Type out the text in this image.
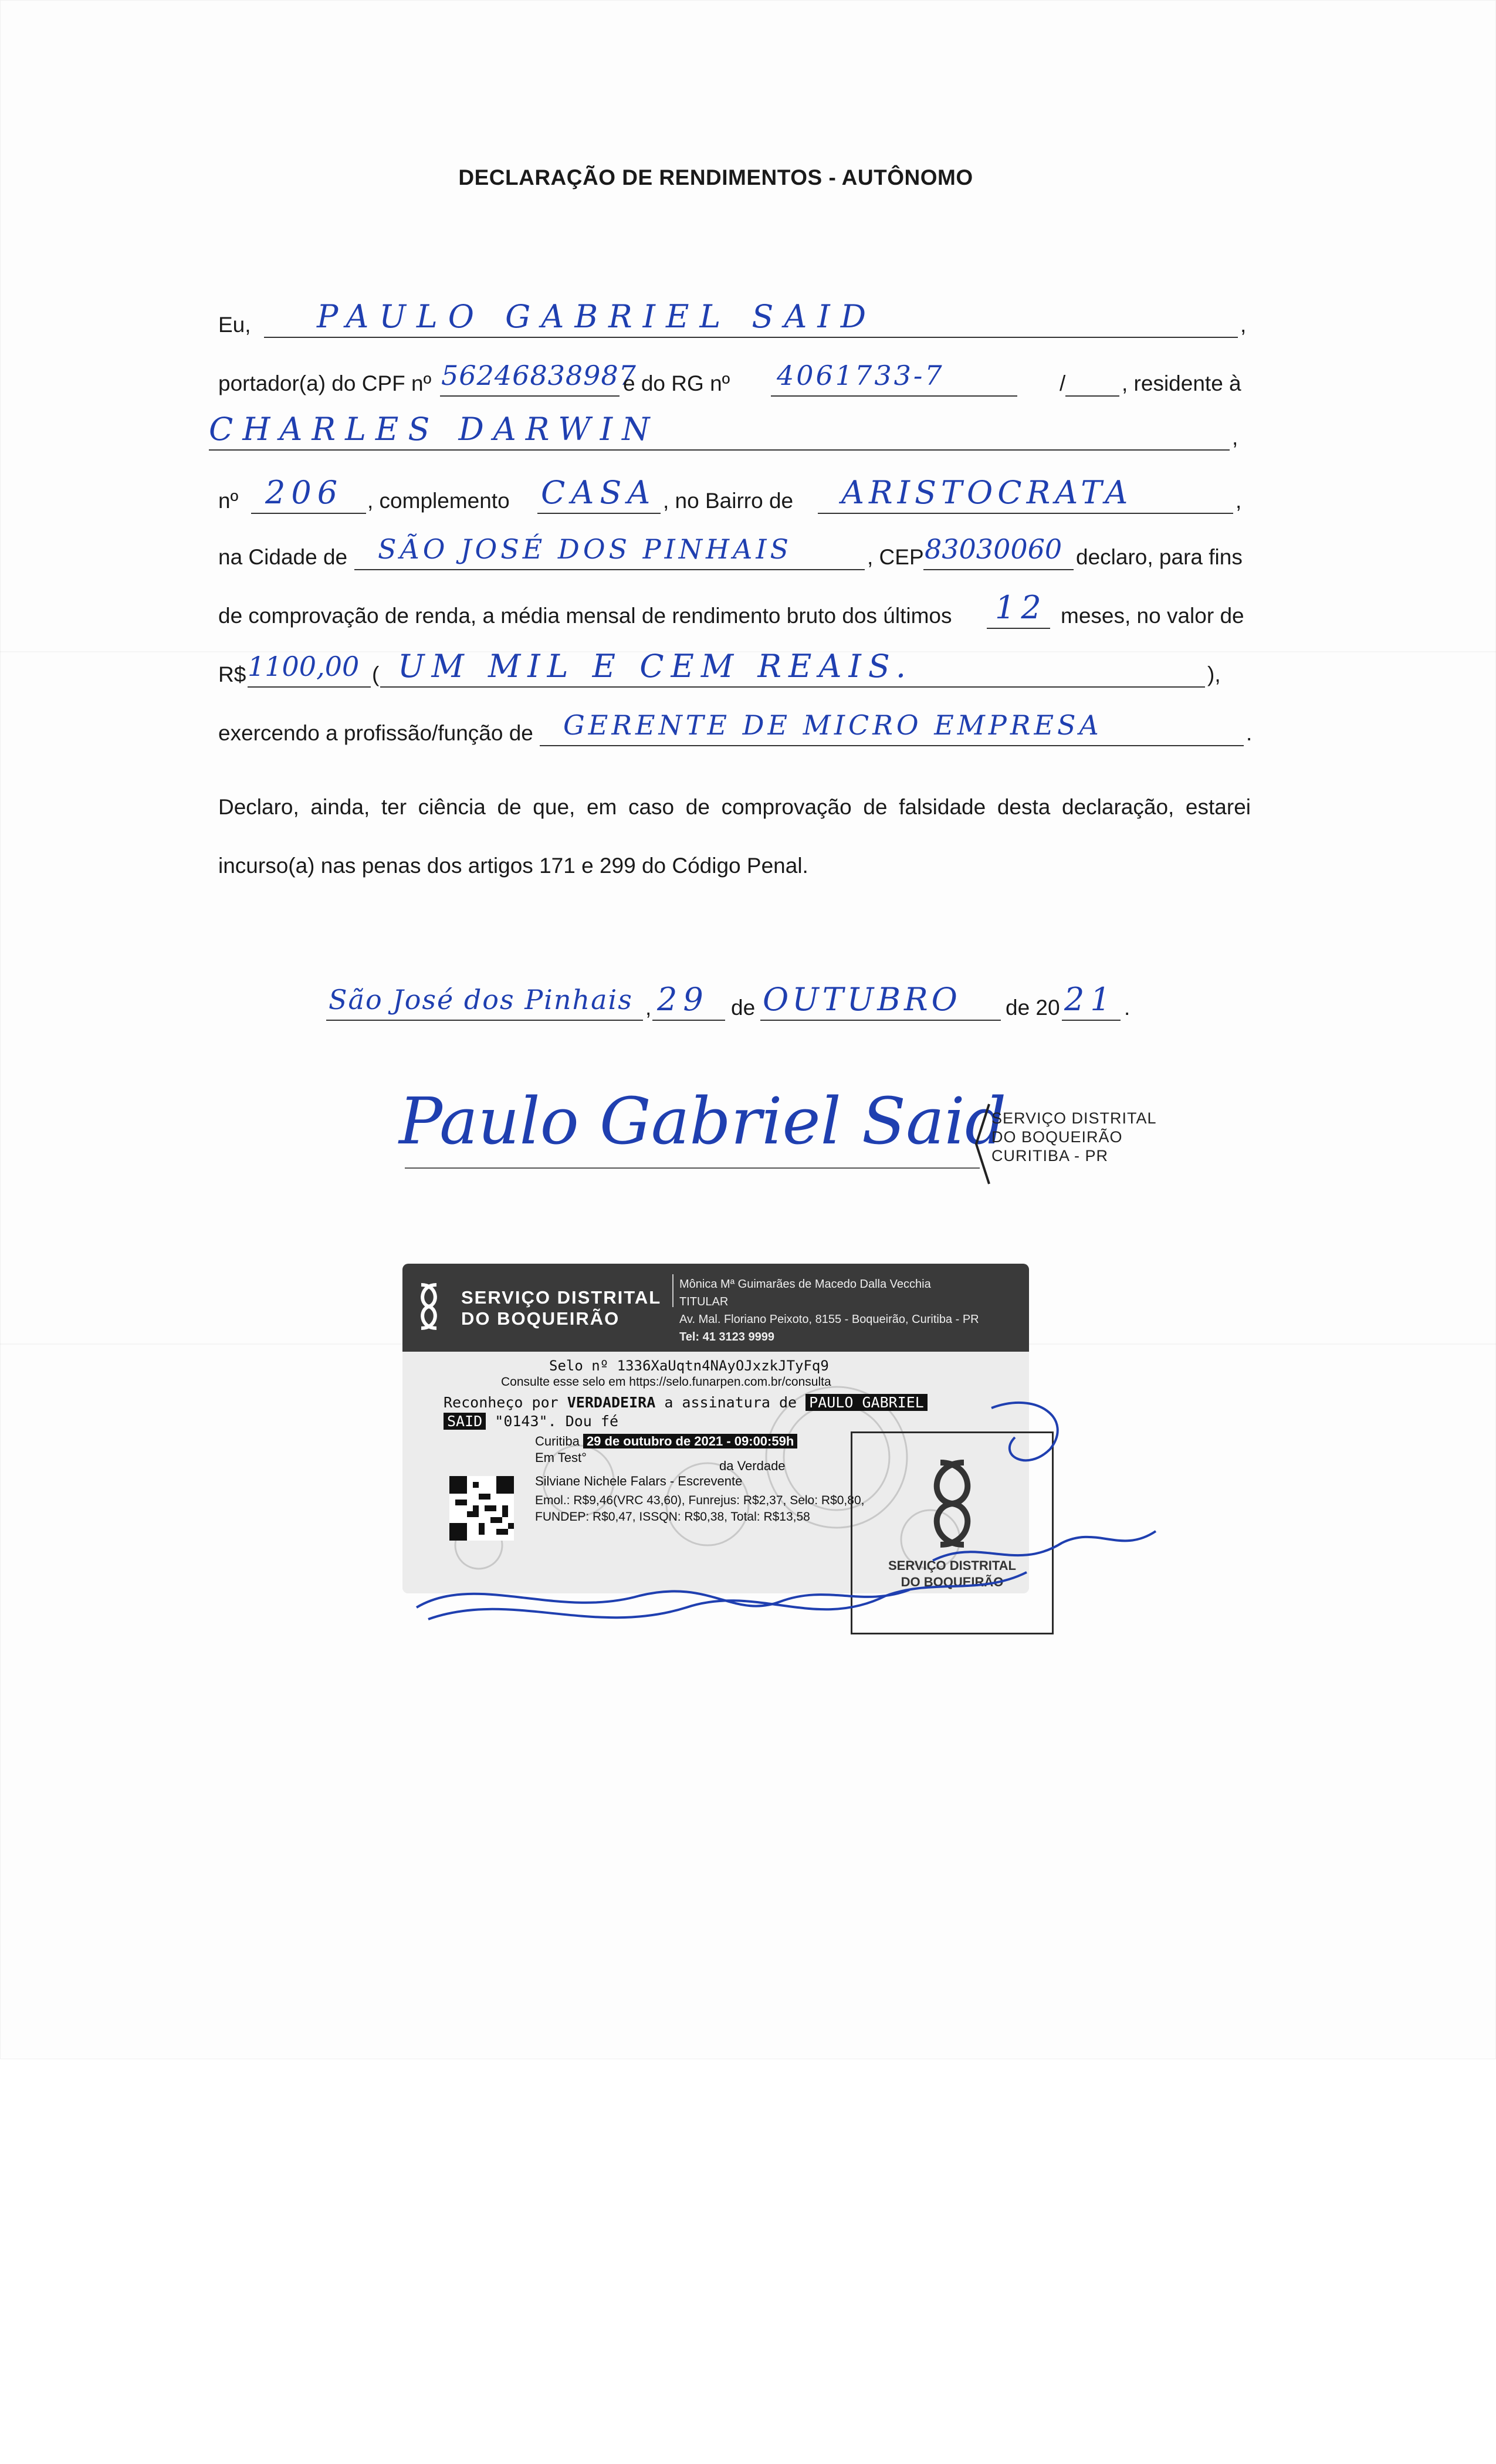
DECLARAÇÃO DE RENDIMENTOS - AUTÔNOMO
Eu, PAULO GABRIEL SAID	,
portador(a) do CPF nº 56246838987
e do RG nº 4061733-7	/	, residente à
CHARLES DARWIN	,
nº 206 , complemento CASA , no Bairro de ARISTOCRATA	,
na Cidade de SÃO JOSÉ DOS PINHAIS	, CEP 83030060 declaro, para fins
de comprovação de renda, a média mensal de rendimento bruto dos últimos 12 meses, no valor de
R$ 1100,00 ( UM MIL E CEM REAIS.	),
exercendo a profissão/função de GERENTE DE MICRO EMPRESA	.
Declaro, ainda, ter ciência de que, em caso de comprovação de falsidade desta declaração, estarei incurso(a) nas penas dos artigos 171 e 299 do Código Penal.
São José dos Pinhais , 29 de OUTUBRO de 20 21 .
Paulo Gabriel Said
SERVIÇO DISTRITAL
DO BOQUEIRÃO
CURITIBA - PR
SERVIÇO DISTRITAL
DO BOQUEIRÃO
Mônica Mª Guimarães de Macedo Dalla Vecchia
TITULAR
Av. Mal. Floriano Peixoto, 8155 - Boqueirão, Curitiba - PR
Tel: 41 3123 9999
Selo nº 1336XaUqtn4NAyOJxzkJTyFq9
Consulte esse selo em https://selo.funarpen.com.br/consulta
Reconheço por VERDADEIRA a assinatura de PAULO GABRIEL
SAID "0143". Dou fé
Curitiba 29 de outubro de 2021 - 09:00:59h
Em Test°
da Verdade
Silviane Nichele Falars - Escrevente
Emol.: R$9,46(VRC 43,60), Funrejus: R$2,37, Selo: R$0,80,
FUNDEP: R$0,47, ISSQN: R$0,38, Total: R$13,58
SERVIÇO DISTRITAL
DO BOQUEIRÃO
